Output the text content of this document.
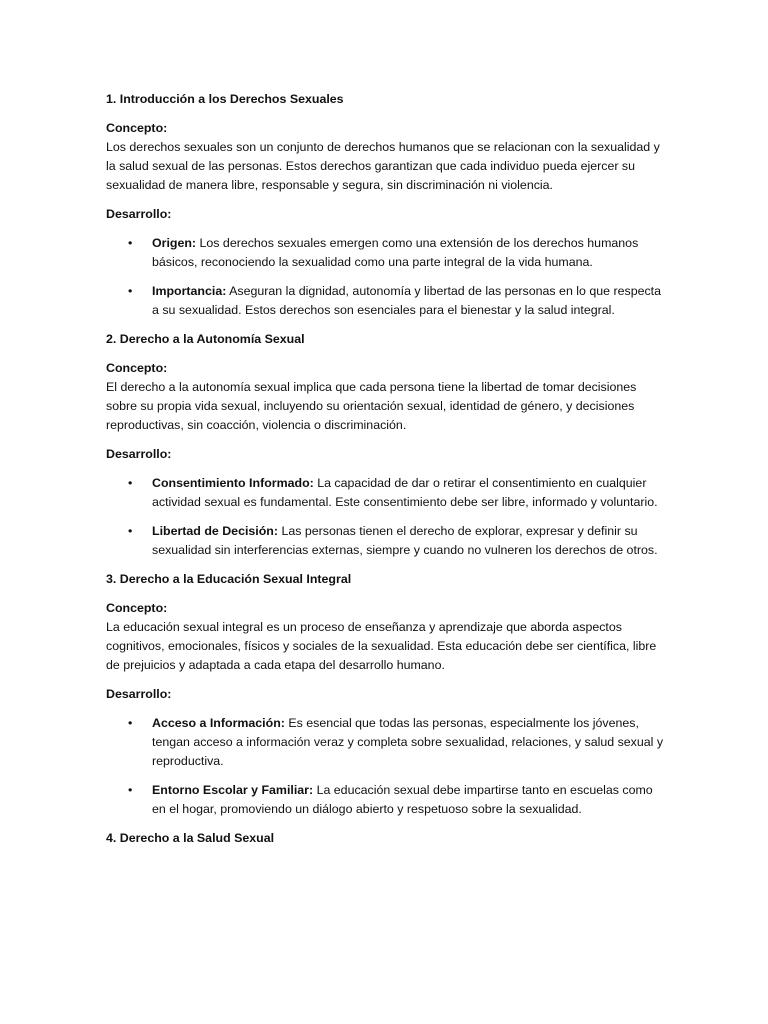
1. Introducción a los Derechos Sexuales

Concepto:
Los derechos sexuales son un conjunto de derechos humanos que se relacionan con la sexualidad y la salud sexual de las personas. Estos derechos garantizan que cada individuo pueda ejercer su sexualidad de manera libre, responsable y segura, sin discriminación ni violencia.

Desarrollo:

•	Origen: Los derechos sexuales emergen como una extensión de los derechos humanos básicos, reconociendo la sexualidad como una parte integral de la vida humana.
•	Importancia: Aseguran la dignidad, autonomía y libertad de las personas en lo que respecta a su sexualidad. Estos derechos son esenciales para el bienestar y la salud integral.

2. Derecho a la Autonomía Sexual

Concepto:
El derecho a la autonomía sexual implica que cada persona tiene la libertad de tomar decisiones sobre su propia vida sexual, incluyendo su orientación sexual, identidad de género, y decisiones reproductivas, sin coacción, violencia o discriminación.

Desarrollo:

•	Consentimiento Informado: La capacidad de dar o retirar el consentimiento en cualquier actividad sexual es fundamental. Este consentimiento debe ser libre, informado y voluntario.
•	Libertad de Decisión: Las personas tienen el derecho de explorar, expresar y definir su sexualidad sin interferencias externas, siempre y cuando no vulneren los derechos de otros.

3. Derecho a la Educación Sexual Integral

Concepto:
La educación sexual integral es un proceso de enseñanza y aprendizaje que aborda aspectos cognitivos, emocionales, físicos y sociales de la sexualidad. Esta educación debe ser científica, libre de prejuicios y adaptada a cada etapa del desarrollo humano.

Desarrollo:

•	Acceso a Información: Es esencial que todas las personas, especialmente los jóvenes, tengan acceso a información veraz y completa sobre sexualidad, relaciones, y salud sexual y reproductiva.
•	Entorno Escolar y Familiar: La educación sexual debe impartirse tanto en escuelas como en el hogar, promoviendo un diálogo abierto y respetuoso sobre la sexualidad.

4. Derecho a la Salud Sexual
